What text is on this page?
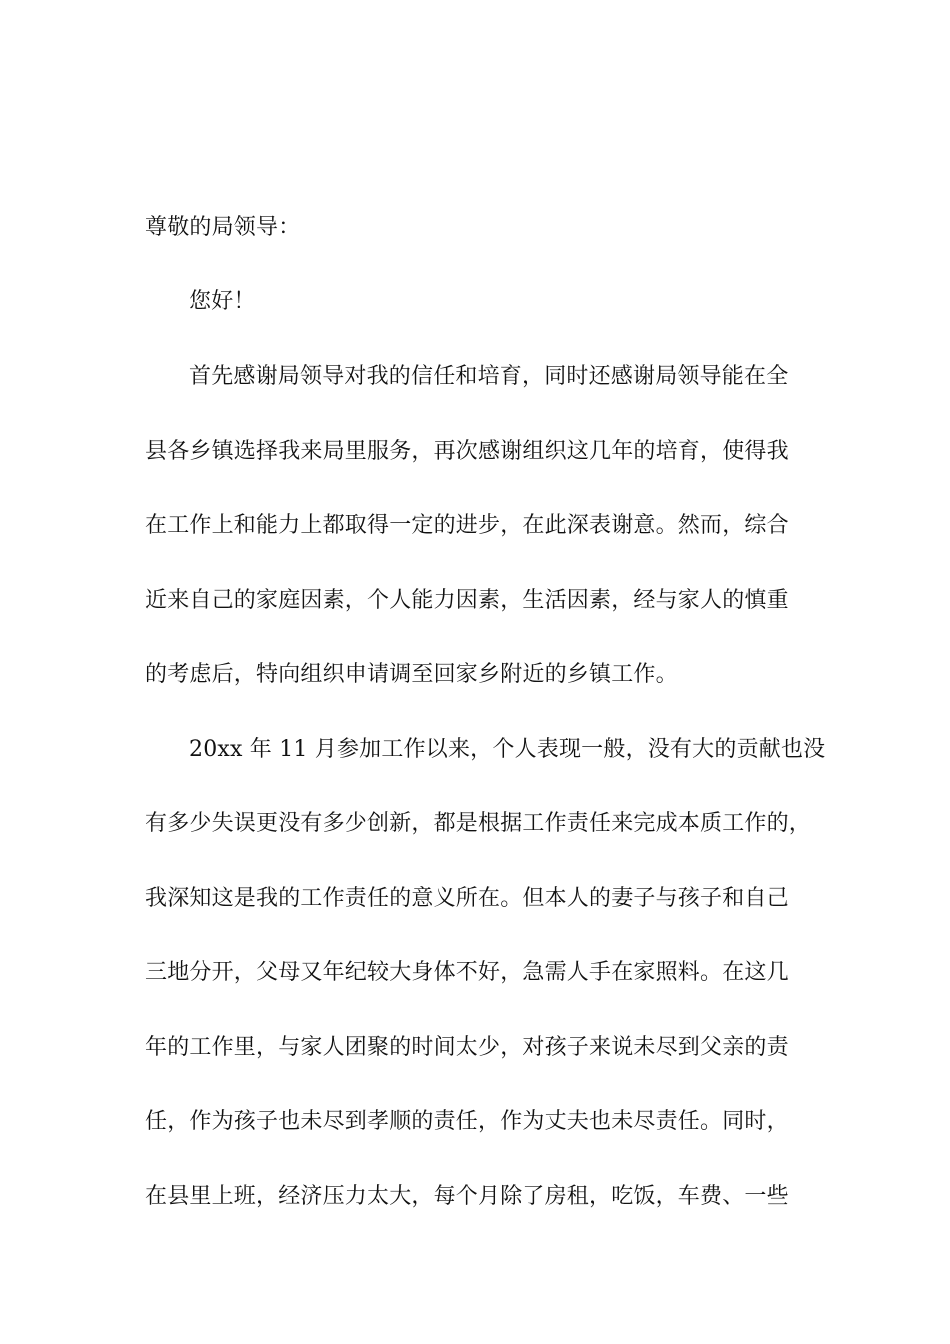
尊敬的局领导：
您好！
首先感谢局领导对我的信任和培育，同时还感谢局领导能在全
县各乡镇选择我来局里服务，再次感谢组织这几年的培育，使得我
在工作上和能力上都取得一定的进步，在此深表谢意。然而，综合
近来自己的家庭因素，个人能力因素，生活因素，经与家人的慎重
的考虑后，特向组织申请调至回家乡附近的乡镇工作。
20xx 年 11 月参加工作以来，个人表现一般，没有大的贡献也没
有多少失误更没有多少创新，都是根据工作责任来完成本质工作的，
我深知这是我的工作责任的意义所在。但本人的妻子与孩子和自己
三地分开，父母又年纪较大身体不好，急需人手在家照料。在这几
年的工作里，与家人团聚的时间太少，对孩子来说未尽到父亲的责
任，作为孩子也未尽到孝顺的责任，作为丈夫也未尽责任。同时，
在县里上班，经济压力太大，每个月除了房租，吃饭，车费、一些
